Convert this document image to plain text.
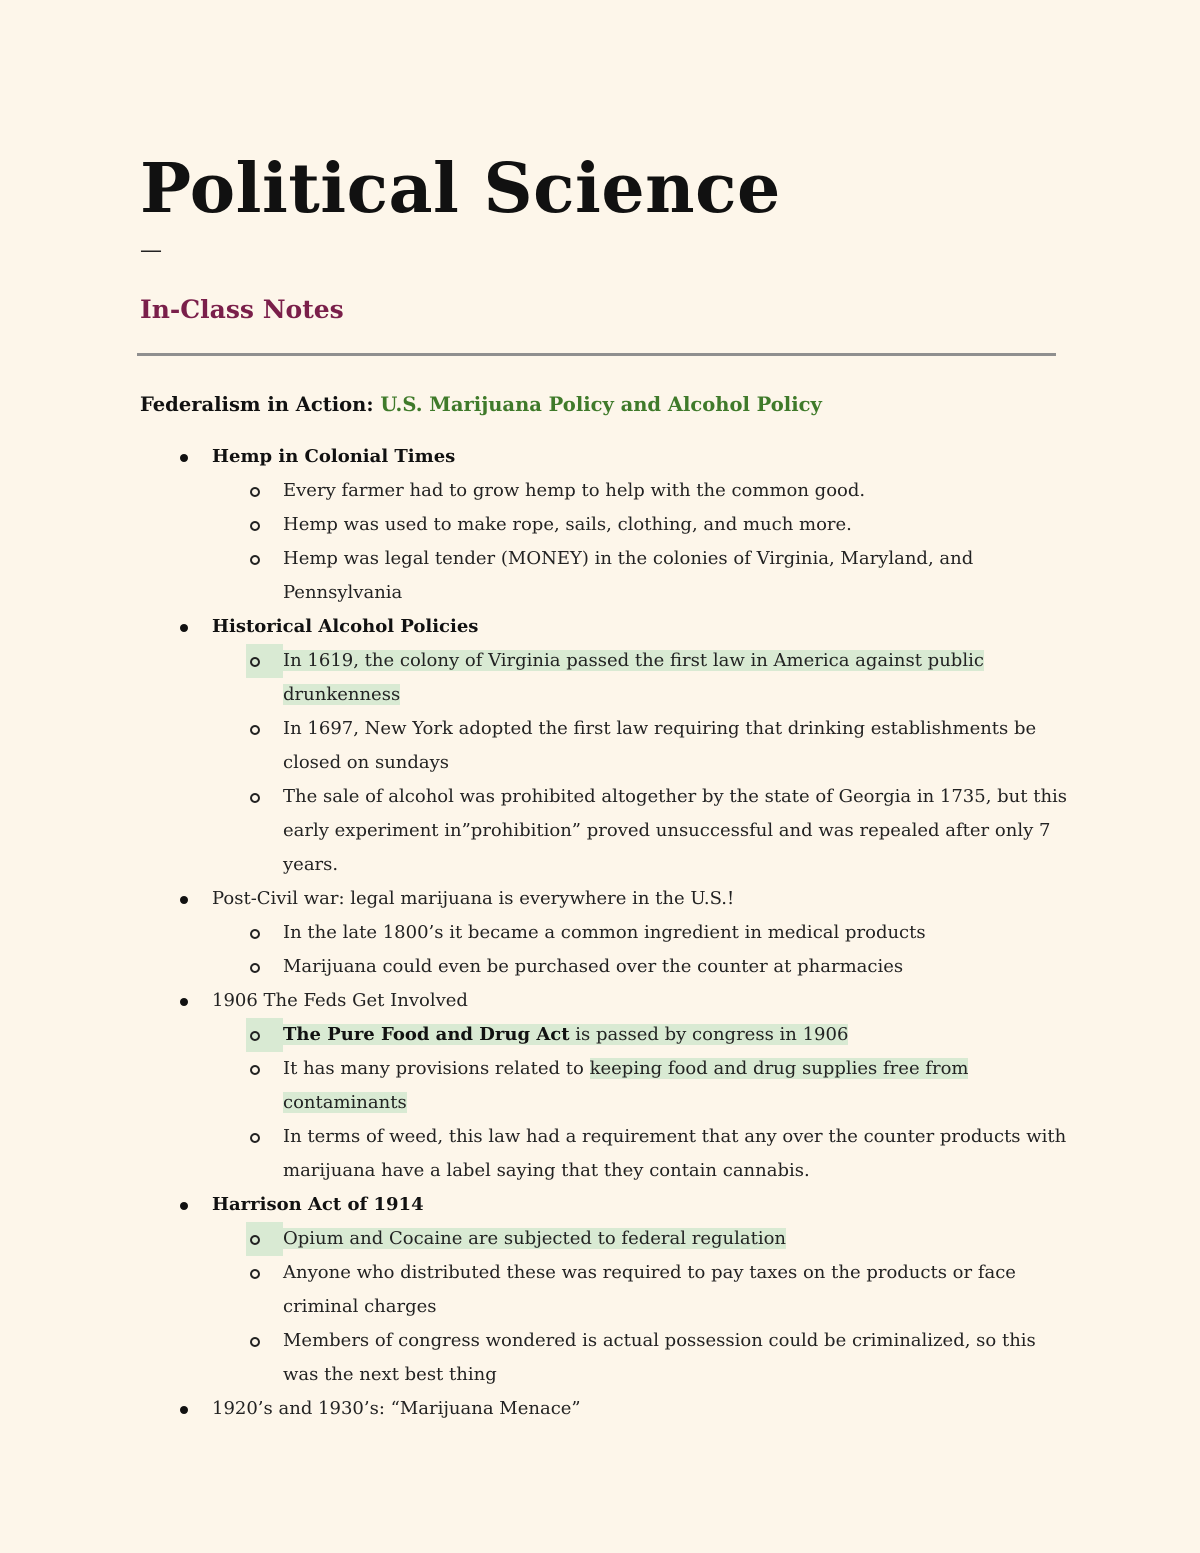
Political Science
—
In-Class Notes
Federalism in Action: U.S. Marijuana Policy and Alcohol Policy
Hemp in Colonial Times
Every farmer had to grow hemp to help with the common good.
Hemp was used to make rope, sails, clothing, and much more.
Hemp was legal tender (MONEY) in the colonies of Virginia, Maryland, and Pennsylvania
Historical Alcohol Policies
In 1619, the colony of Virginia passed the first law in America against public drunkenness
In 1697, New York adopted the first law requiring that drinking establishments be closed on sundays
The sale of alcohol was prohibited altogether by the state of Georgia in 1735, but this early experiment in”prohibition” proved unsuccessful and was repealed after only 7 years.
Post-Civil war: legal marijuana is everywhere in the U.S.!
In the late 1800’s it became a common ingredient in medical products
Marijuana could even be purchased over the counter at pharmacies
1906 The Feds Get Involved
The Pure Food and Drug Act is passed by congress in 1906
It has many provisions related to keeping food and drug supplies free from contaminants
In terms of weed, this law had a requirement that any over the counter products with marijuana have a label saying that they contain cannabis.
Harrison Act of 1914
Opium and Cocaine are subjected to federal regulation
Anyone who distributed these was required to pay taxes on the products or face criminal charges
Members of congress wondered is actual possession could be criminalized, so this was the next best thing
1920’s and 1930’s: “Marijuana Menace”
